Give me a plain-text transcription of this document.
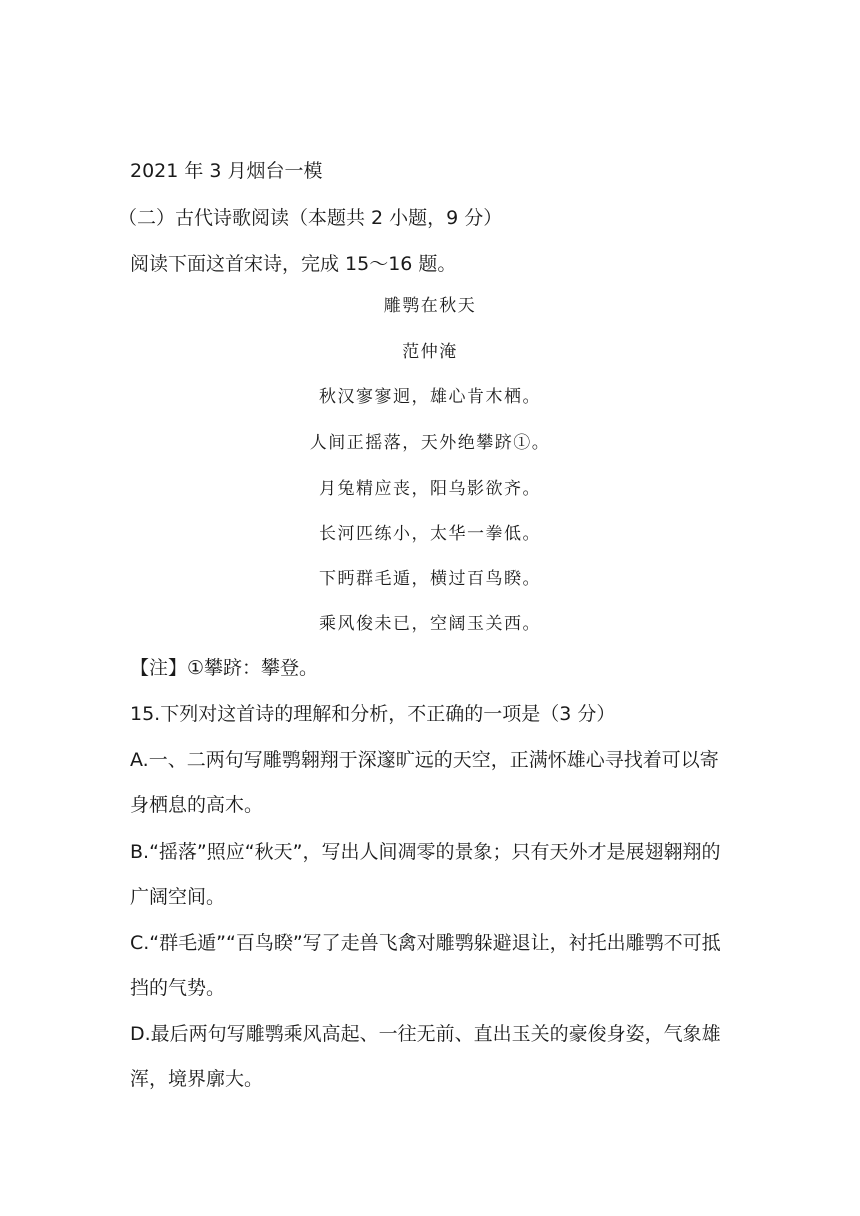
2021 年 3 月烟台一模
（二）古代诗歌阅读（本题共 2 小题，9 分）
阅读下面这首宋诗，完成 15～16 题。
雕鹗在秋天
范仲淹
秋汉寥寥迥，雄心肯木栖。
人间正摇落，天外绝攀跻①。
月兔精应丧，阳乌影欲齐。
长河匹练小，太华一拳低。
下眄群毛遁，横过百鸟睽。
乘风俊未已，空阔玉关西。
【注】①攀跻：攀登。
15.下列对这首诗的理解和分析，不正确的一项是（3 分）
A.一、二两句写雕鹗翱翔于深邃旷远的天空，正满怀雄心寻找着可以寄身栖息的高木。
B.“摇落”照应“秋天”，写出人间凋零的景象；只有天外才是展翅翱翔的广阔空间。
C.“群毛遁”“百鸟睽”写了走兽飞禽对雕鹗躲避退让，衬托出雕鹗不可抵挡的气势。
D.最后两句写雕鹗乘风高起、一往无前、直出玉关的豪俊身姿，气象雄浑，境界廓大。
